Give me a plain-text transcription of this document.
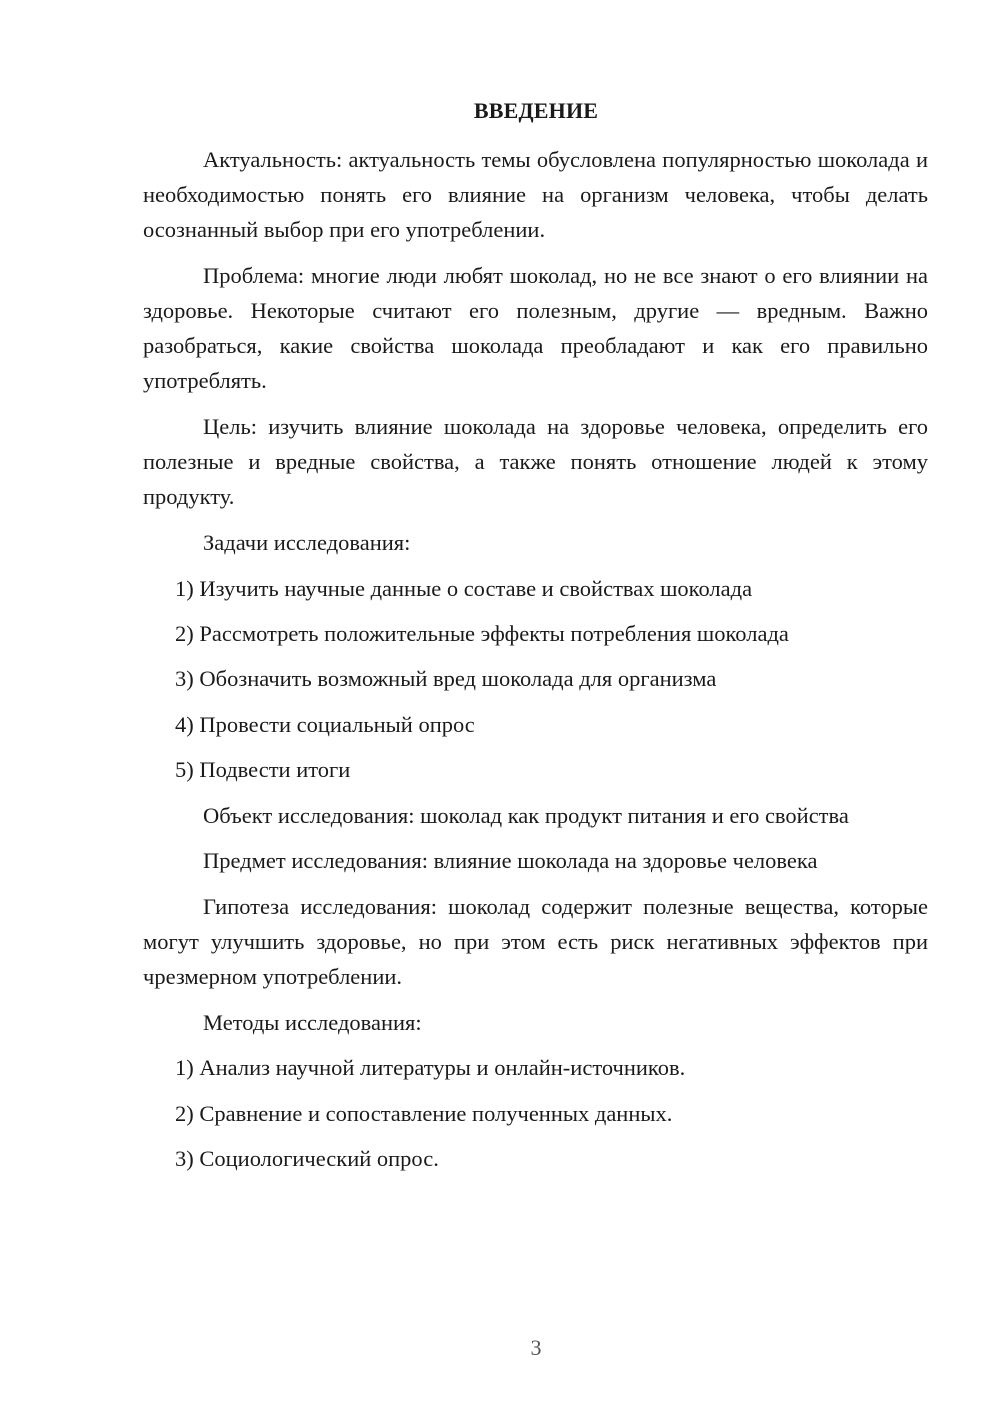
ВВЕДЕНИЕ

Актуальность: актуальность темы обусловлена популярностью шоколада и необходимостью понять его влияние на организм человека, чтобы делать осознанный выбор при его употреблении.

Проблема: многие люди любят шоколад, но не все знают о его влиянии на здоровье. Некоторые считают его полезным, другие — вредным. Важно разобраться, какие свойства шоколада преобладают и как его правильно употреблять.

Цель: изучить влияние шоколада на здоровье человека, определить его полезные и вредные свойства, а также понять отношение людей к этому продукту.

Задачи исследования:
1) Изучить научные данные о составе и свойствах шоколада
2) Рассмотреть положительные эффекты потребления шоколада
3) Обозначить возможный вред шоколада для организма
4) Провести социальный опрос
5) Подвести итоги
Объект исследования: шоколад как продукт питания и его свойства
Предмет исследования: влияние шоколада на здоровье человека

Гипотеза исследования: шоколад содержит полезные вещества, которые могут улучшить здоровье, но при этом есть риск негативных эффектов при чрезмерном употреблении.

Методы исследования:
1) Анализ научной литературы и онлайн-источников.
2) Сравнение и сопоставление полученных данных.
3) Социологический опрос.
3
